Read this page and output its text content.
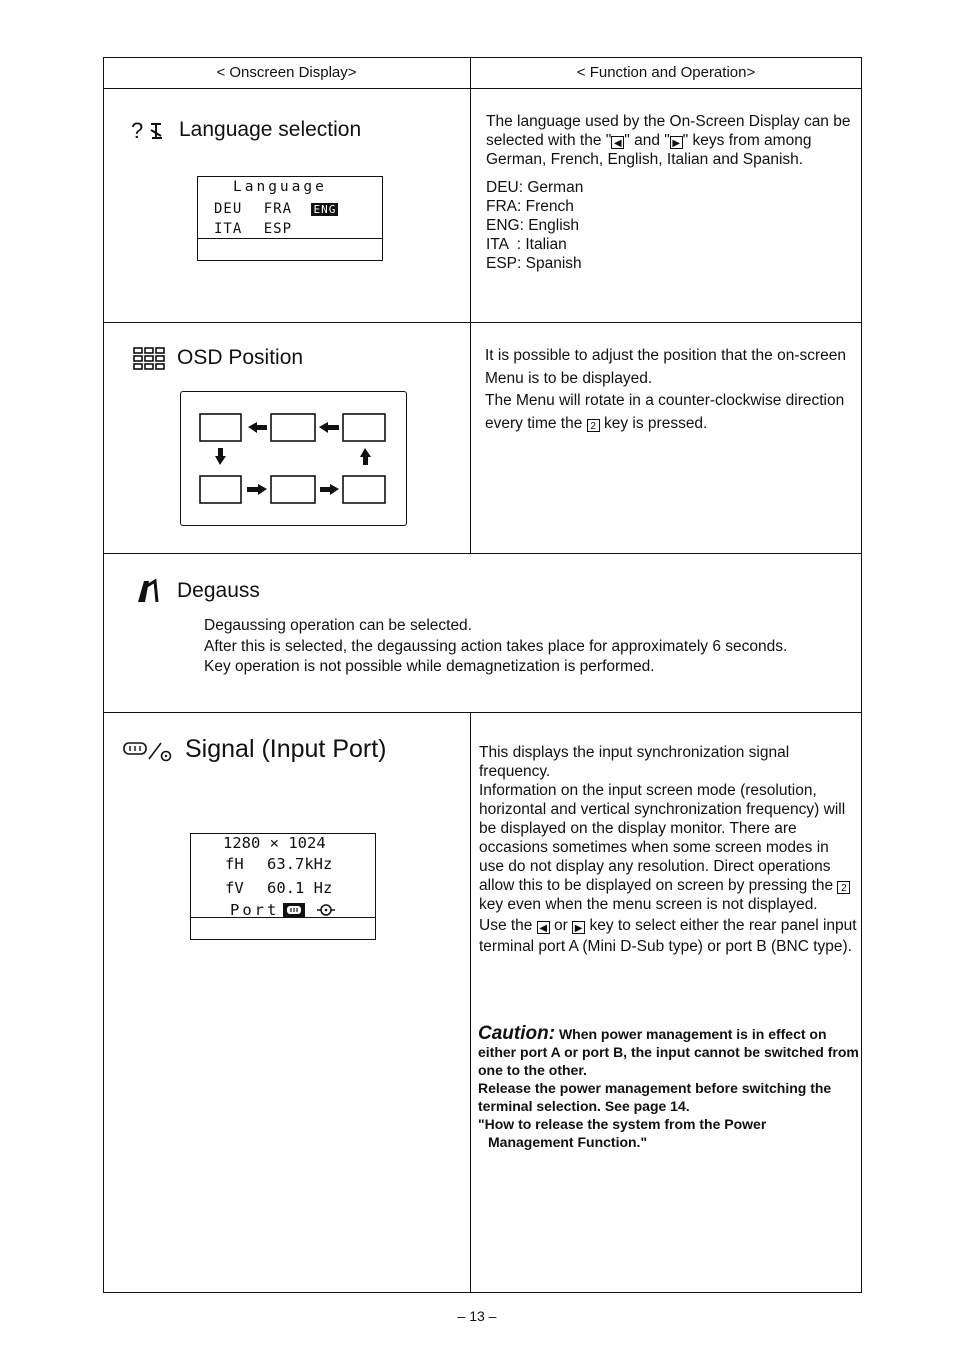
< Onscreen Display>	< Function and Operation>
? Language selection
Language
DEU FRA ENG
ITA ESP

The language used by the On-Screen Display can be selected with the " ◀ " and " ▶ " keys from among German, French, English, Italian and Spanish.

DEU: German
FRA: French
ENG: English
ITA  : Italian
ESP: Spanish
OSD Position	It is possible to adjust the position that the on-screen Menu is to be displayed.

The Menu will rotate in a counter-clockwise direction every time the 2 key is pressed.

Degauss

Degaussing operation can be selected.

After this is selected, the degaussing action takes place for approximately 6 seconds.

Key operation is not possible while demagnetization is performed.

Signal (Input Port)
1280 × 1024
fH 63.7kHz
fV 60.1 Hz
Port

This displays the input synchronization signal frequency.

Information on the input screen mode (resolution, horizontal and vertical synchronization frequency) will be displayed on the display monitor. There are occasions sometimes when some screen modes in use do not display any resolution. Direct operations allow this to be displayed on screen by pressing the 2 key even when the menu screen is not displayed.

Use the ◀ or ▶ key to select either the rear panel input terminal port A (Mini D-Sub type) or port B (BNC type).

Caution: When power management is in effect on either port A or port B, the input cannot be switched from one to the other.
Release the power management before switching the terminal selection. See page 14.
"How to release the system from the Power
Management Function."
– 13 –
